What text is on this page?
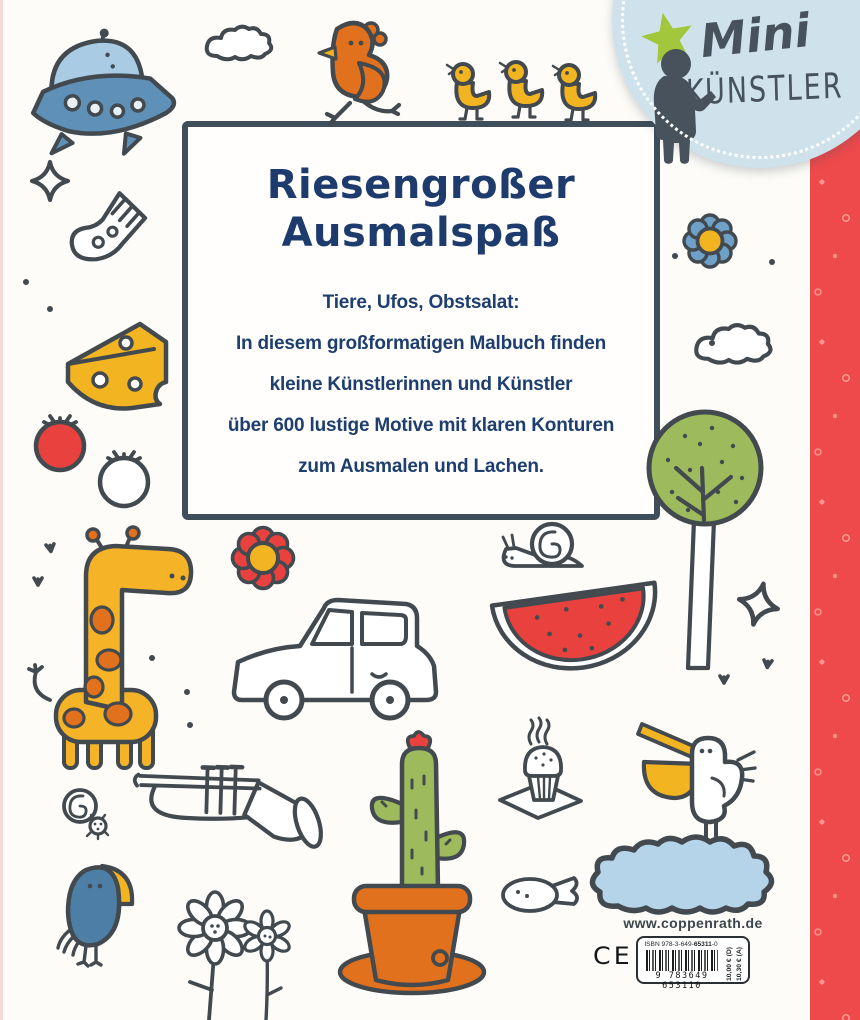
Riesengroßer
Ausmalspaß
Tiere, Ufos, Obstsalat:
In diesem großformatigen Malbuch finden
kleine Künstlerinnen und Künstler
über 600 lustige Motive mit klaren Konturen
zum Ausmalen und Lachen.
Mini
KÜNSTLER
www.coppenrath.de
CE	ISBN 978-3-649-65311-0
9 783649 653110
10,00 € (D) 10,30 € (A)
